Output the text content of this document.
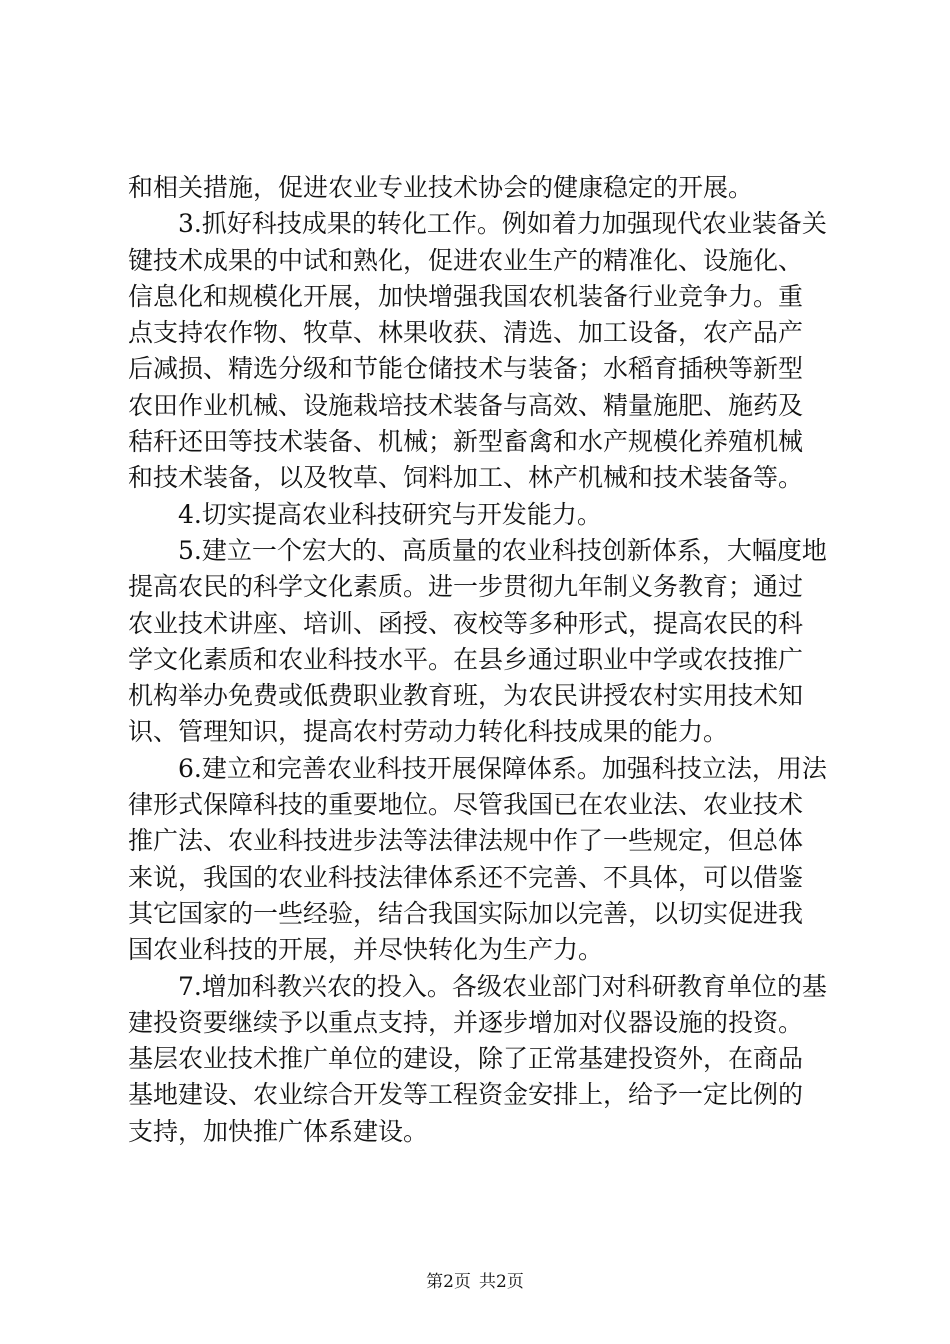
和相关措施，促进农业专业技术协会的健康稳定的开展。
3.抓好科技成果的转化工作。例如着力加强现代农业装备关
键技术成果的中试和熟化，促进农业生产的精准化、设施化、
信息化和规模化开展，加快增强我国农机装备行业竞争力。重
点支持农作物、牧草、林果收获、清选、加工设备，农产品产
后减损、精选分级和节能仓储技术与装备；水稻育插秧等新型
农田作业机械、设施栽培技术装备与高效、精量施肥、施药及
秸秆还田等技术装备、机械；新型畜禽和水产规模化养殖机械
和技术装备，以及牧草、饲料加工、林产机械和技术装备等。
4.切实提高农业科技研究与开发能力。
5.建立一个宏大的、高质量的农业科技创新体系，大幅度地
提高农民的科学文化素质。进一步贯彻九年制义务教育；通过
农业技术讲座、培训、函授、夜校等多种形式，提高农民的科
学文化素质和农业科技水平。在县乡通过职业中学或农技推广
机构举办免费或低费职业教育班，为农民讲授农村实用技术知
识、管理知识，提高农村劳动力转化科技成果的能力。
6.建立和完善农业科技开展保障体系。加强科技立法，用法
律形式保障科技的重要地位。尽管我国已在农业法、农业技术
推广法、农业科技进步法等法律法规中作了一些规定，但总体
来说，我国的农业科技法律体系还不完善、不具体，可以借鉴
其它国家的一些经验，结合我国实际加以完善，以切实促进我
国农业科技的开展，并尽快转化为生产力。
7.增加科教兴农的投入。各级农业部门对科研教育单位的基
建投资要继续予以重点支持，并逐步增加对仪器设施的投资。
基层农业技术推广单位的建设，除了正常基建投资外，在商品
基地建设、农业综合开发等工程资金安排上，给予一定比例的
支持，加快推广体系建设。
第2页 共2页
